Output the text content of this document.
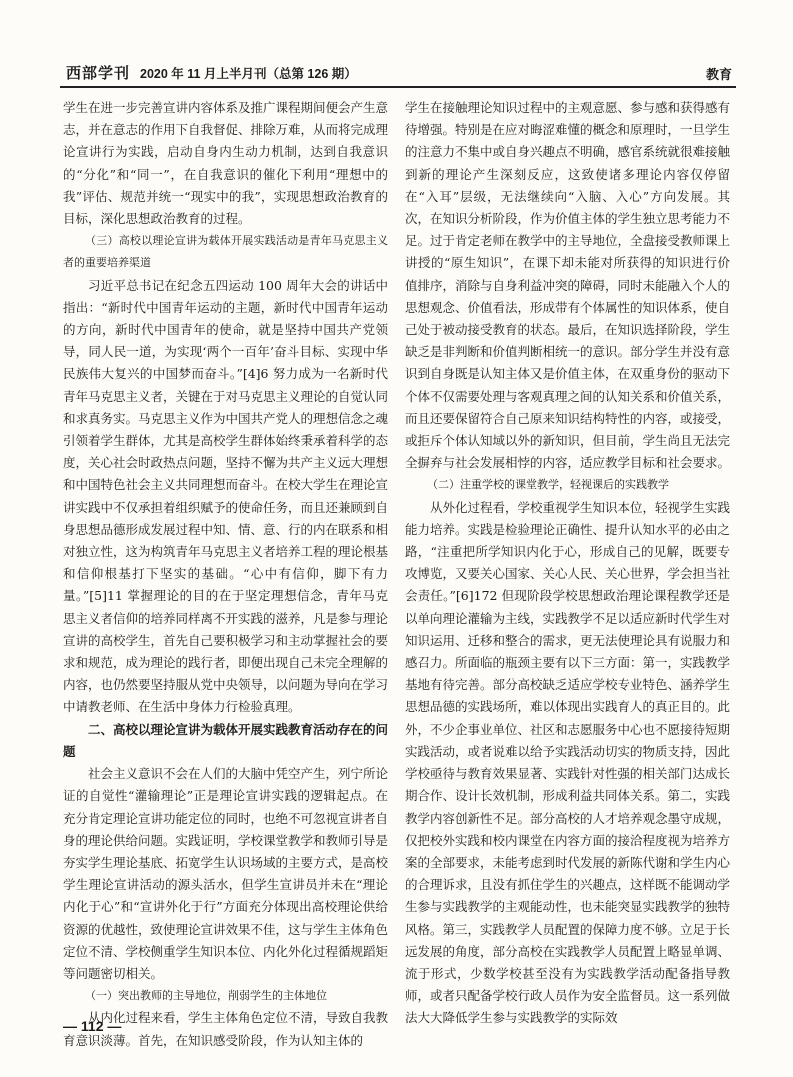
西部学刊 2020 年 11 月上半月刊（总第 126 期）	教育

学生在进一步完善宣讲内容体系及推广课程期间便会产生意志，并在意志的作用下自我督促、排除万难，从而将完成理论宣讲行为实践，启动自身内生动力机制，达到自我意识的“分化”和“同一”，在自我意识的催化下利用“理想中的我”评估、规范并统一“现实中的我”，实现思想政治教育的目标，深化思想政治教育的过程。

（三）高校以理论宣讲为载体开展实践活动是青年马克思主义者的重要培养渠道

习近平总书记在纪念五四运动 100 周年大会的讲话中指出：“新时代中国青年运动的主题，新时代中国青年运动的方向，新时代中国青年的使命，就是坚持中国共产党领导，同人民一道，为实现‘两个一百年’奋斗目标、实现中华民族伟大复兴的中国梦而奋斗。”[4]6 努力成为一名新时代青年马克思主义者，关键在于对马克思主义理论的自觉认同和求真务实。马克思主义作为中国共产党人的理想信念之魂引领着学生群体，尤其是高校学生群体始终秉承着科学的态度，关心社会时政热点问题，坚持不懈为共产主义远大理想和中国特色社会主义共同理想而奋斗。在校大学生在理论宣讲实践中不仅承担着组织赋予的使命任务，而且还兼顾到自身思想品德形成发展过程中知、情、意、行的内在联系和相对独立性，这为构筑青年马克思主义者培养工程的理论根基和信仰根基打下坚实的基础。“心中有信仰，脚下有力量。”[5]11 掌握理论的目的在于坚定理想信念，青年马克思主义者信仰的培养同样离不开实践的滋养，凡是参与理论宣讲的高校学生，首先自己要积极学习和主动掌握社会的要求和规范，成为理论的践行者，即便出现自己未完全理解的内容，也仍然要坚持服从党中央领导，以问题为导向在学习中请教老师、在生活中身体力行检验真理。

二、高校以理论宣讲为载体开展实践教育活动存在的问题

社会主义意识不会在人们的大脑中凭空产生，列宁所论证的自觉性“灌输理论”正是理论宣讲实践的逻辑起点。在充分肯定理论宣讲功能定位的同时，也绝不可忽视宣讲者自身的理论供给问题。实践证明，学校课堂教学和教师引导是夯实学生理论基底、拓宽学生认识场域的主要方式，是高校学生理论宣讲活动的源头活水，但学生宣讲员并未在“理论内化于心”和“宣讲外化于行”方面充分体现出高校理论供给资源的优越性，致使理论宣讲效果不佳，这与学生主体角色定位不清、学校侧重学生知识本位、内化外化过程循规蹈矩等问题密切相关。

（一）突出教师的主导地位，削弱学生的主体地位

从内化过程来看，学生主体角色定位不清，导致自我教育意识淡薄。首先，在知识感受阶段，作为认知主体的

学生在接触理论知识过程中的主观意愿、参与感和获得感有待增强。特别是在应对晦涩难懂的概念和原理时，一旦学生的注意力不集中或自身兴趣点不明确，感官系统就很难接触到新的理论产生深刻反应，这致使诸多理论内容仅停留在“入耳”层级，无法继续向“入脑、入心”方向发展。其次，在知识分析阶段，作为价值主体的学生独立思考能力不足。过于肯定老师在教学中的主导地位，全盘接受教师课上讲授的“原生知识”，在课下却未能对所获得的知识进行价值排序，消除与自身利益冲突的障碍，同时未能融入个人的思想观念、价值看法，形成带有个体属性的知识体系，使自己处于被动接受教育的状态。最后，在知识选择阶段，学生缺乏是非判断和价值判断相统一的意识。部分学生并没有意识到自身既是认知主体又是价值主体，在双重身份的驱动下个体不仅需要处理与客观真理之间的认知关系和价值关系，而且还要保留符合自己原来知识结构特性的内容，或接受，或拒斥个体认知域以外的新知识，但目前，学生尚且无法完全摒弃与社会发展相悖的内容，适应教学目标和社会要求。

（二）注重学校的课堂教学，轻视课后的实践教学

从外化过程看，学校重视学生知识本位，轻视学生实践能力培养。实践是检验理论正确性、提升认知水平的必由之路，“注重把所学知识内化于心，形成自己的见解，既要专攻博览，又要关心国家、关心人民、关心世界，学会担当社会责任。”[6]172 但现阶段学校思想政治理论课程教学还是以单向理论灌输为主线，实践教学不足以适应新时代学生对知识运用、迁移和整合的需求，更无法使理论具有说服力和感召力。所面临的瓶颈主要有以下三方面：第一，实践教学基地有待完善。部分高校缺乏适应学校专业特色、涵养学生思想品德的实践场所，难以体现出实践育人的真正目的。此外，不少企事业单位、社区和志愿服务中心也不愿接待短期实践活动，或者说难以给予实践活动切实的物质支持，因此学校亟待与教育效果显著、实践针对性强的相关部门达成长期合作、设计长效机制，形成利益共同体关系。第二，实践教学内容创新性不足。部分高校的人才培养观念墨守成规，仅把校外实践和校内课堂在内容方面的接洽程度视为培养方案的全部要求，未能考虑到时代发展的新陈代谢和学生内心的合理诉求，且没有抓住学生的兴趣点，这样既不能调动学生参与实践教学的主观能动性，也未能突显实践教学的独特风格。第三，实践教学人员配置的保障力度不够。立足于长远发展的角度，部分高校在实践教学人员配置上略显单调、流于形式，少数学校甚至没有为实践教学活动配备指导教师，或者只配备学校行政人员作为安全监督员。这一系列做法大大降低学生参与实践教学的实际效

— 112 —
